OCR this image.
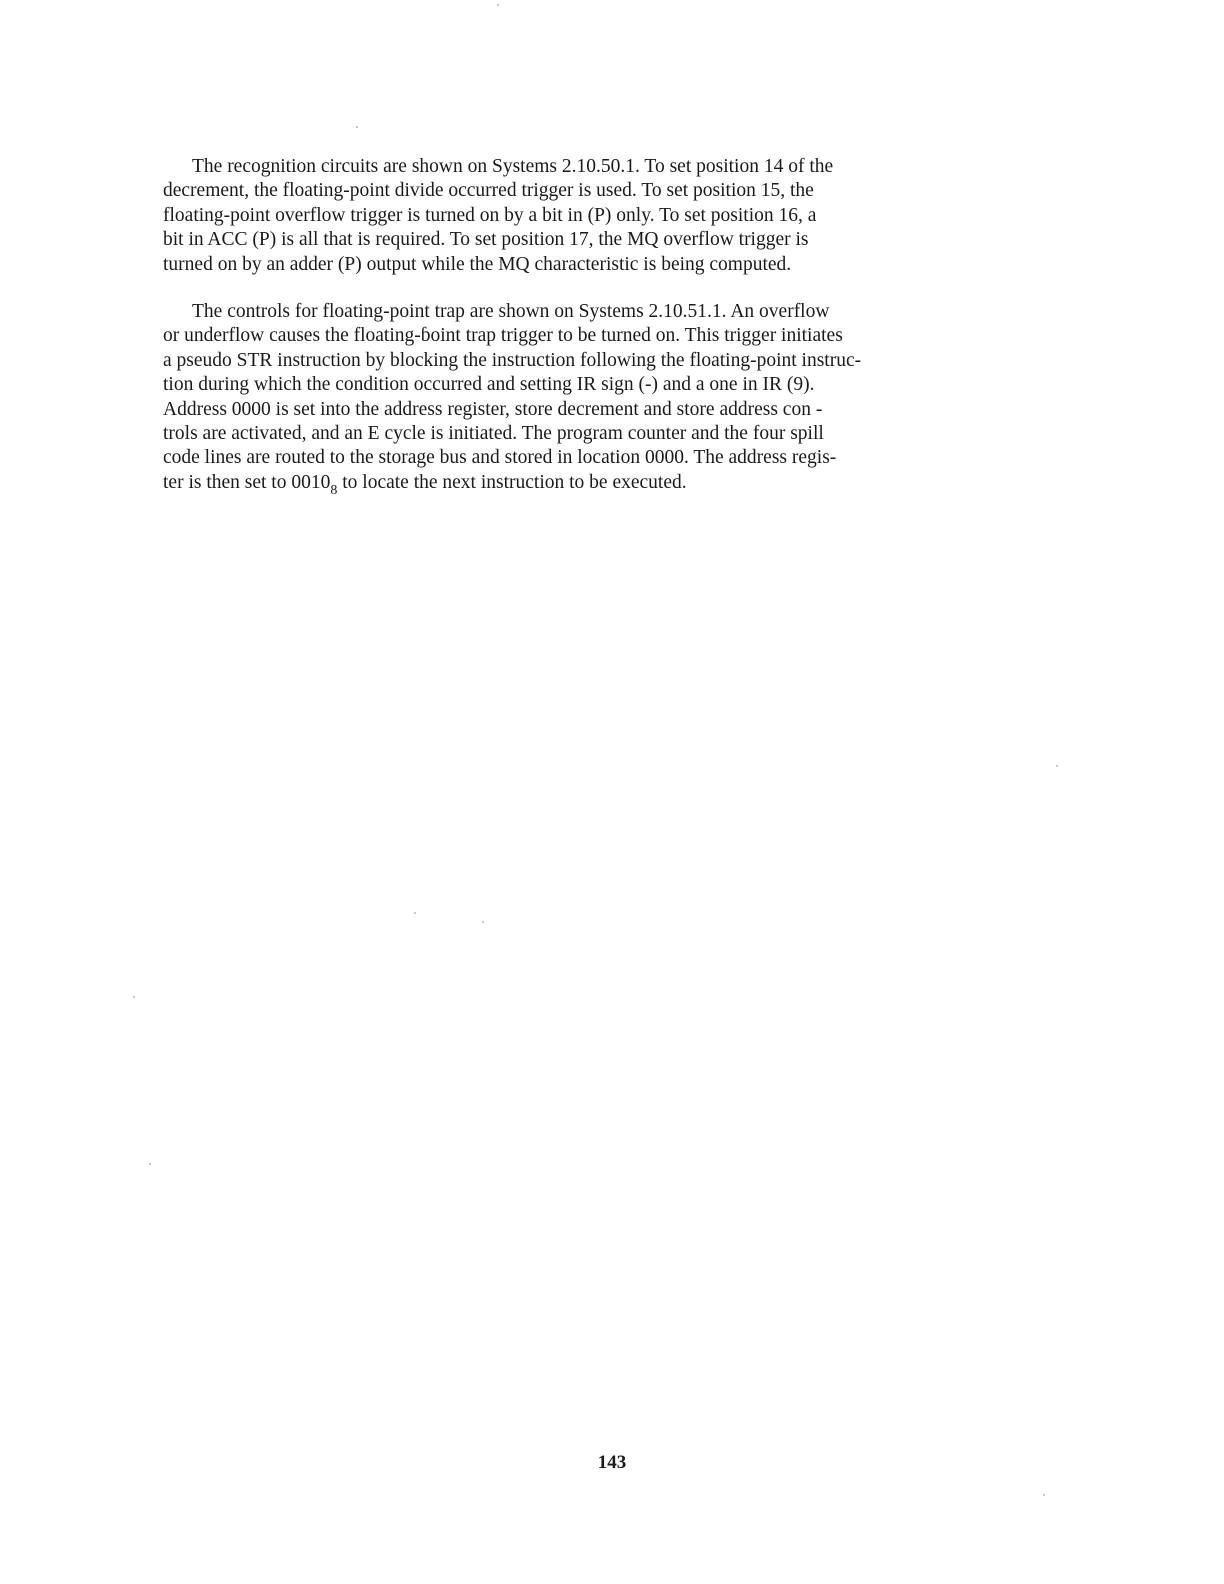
The recognition circuits are shown on Systems 2.10.50.1. To set position 14 of the
decrement, the floating-point divide occurred trigger is used. To set position 15, the
floating-point overflow trigger is turned on by a bit in (P) only. To set position 16, a
bit in ACC (P) is all that is required. To set position 17, the MQ overflow trigger is
turned on by an adder (P) output while the MQ characteristic is being computed.
The controls for floating-point trap are shown on Systems 2.10.51.1. An overflow
or underflow causes the floating-ɓoint trap trigger to be turned on. This trigger initiates
a pseudo STR instruction by blocking the instruction following the floating-point instruc-
tion during which the condition occurred and setting IR sign (-) and a one in IR (9).
Address 0000 is set into the address register, store decrement and store address con -
trols are activated, and an E cycle is initiated. The program counter and the four spill
code lines are routed to the storage bus and stored in location 0000. The address regis-
ter is then set to $0010_8$ to locate the next instruction to be executed.
143
